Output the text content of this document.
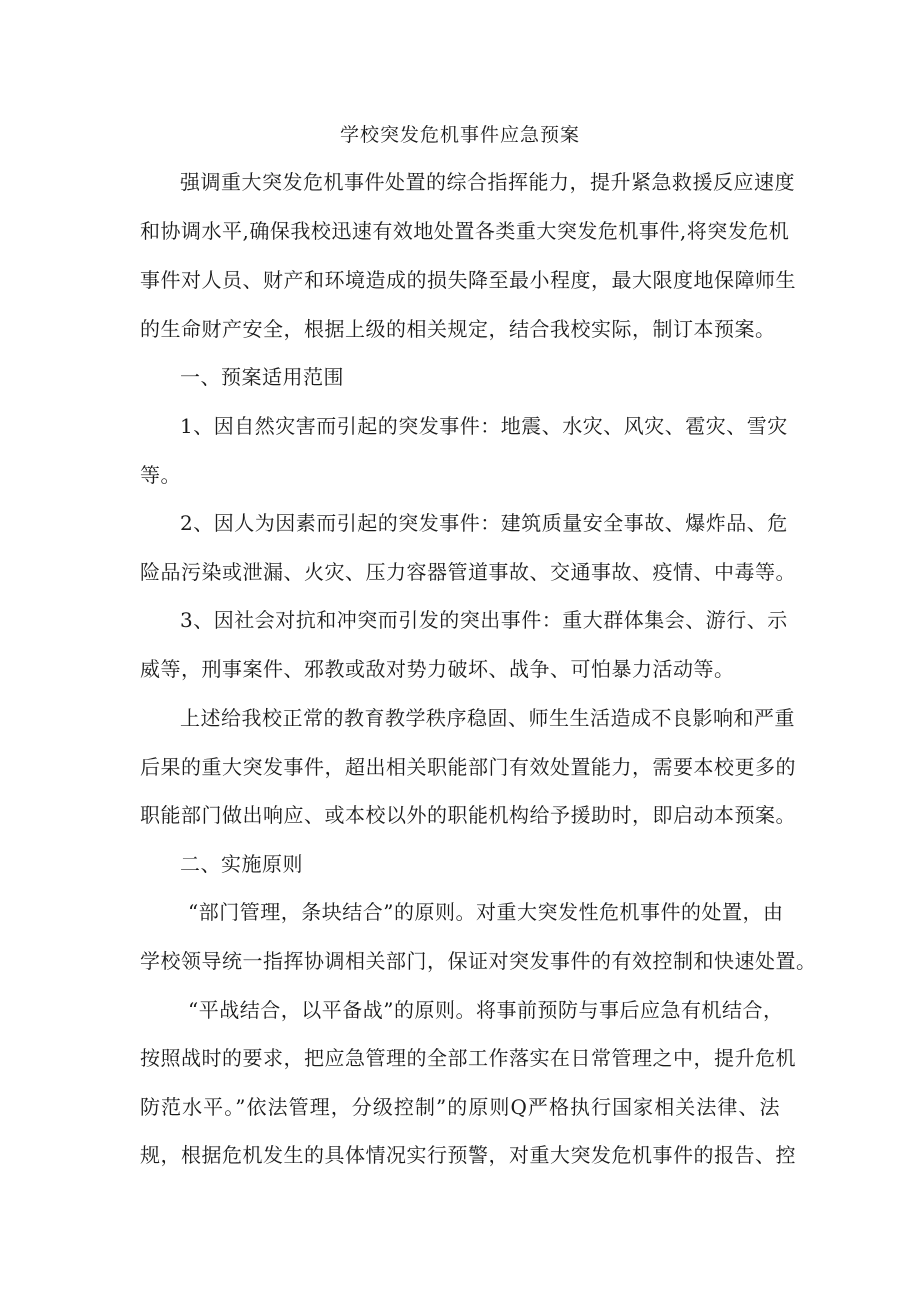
学校突发危机事件应急预案
强调重大突发危机事件处置的综合指挥能力，提升紧急救援反应速度
和协调水平,确保我校迅速有效地处置各类重大突发危机事件,将突发危机
事件对人员、财产和环境造成的损失降至最小程度，最大限度地保障师生
的生命财产安全，根据上级的相关规定，结合我校实际，制订本预案。
一、预案适用范围
1、因自然灾害而引起的突发事件：地震、水灾、风灾、雹灾、雪灾
等。
2、因人为因素而引起的突发事件：建筑质量安全事故、爆炸品、危
险品污染或泄漏、火灾、压力容器管道事故、交通事故、疫情、中毒等。
3、因社会对抗和冲突而引发的突出事件：重大群体集会、游行、示
威等，刑事案件、邪教或敌对势力破坏、战争、可怕暴力活动等。
上述给我校正常的教育教学秩序稳固、师生生活造成不良影响和严重
后果的重大突发事件，超出相关职能部门有效处置能力，需要本校更多的
职能部门做出响应、或本校以外的职能机构给予援助时，即启动本预案。
二、实施原则
“部门管理，条块结合”的原则。对重大突发性危机事件的处置，由
学校领导统一指挥协调相关部门，保证对突发事件的有效控制和快速处置。
“平战结合，以平备战”的原则。将事前预防与事后应急有机结合，
按照战时的要求，把应急管理的全部工作落实在日常管理之中，提升危机
防范水平。”依法管理，分级控制”的原则Q严格执行国家相关法律、法
规，根据危机发生的具体情况实行预警，对重大突发危机事件的报告、控
